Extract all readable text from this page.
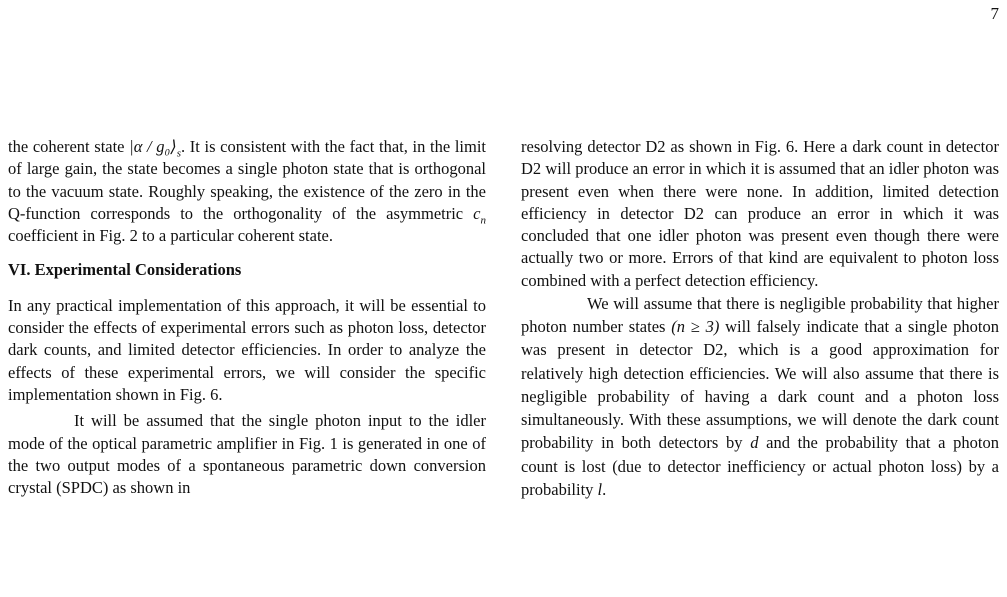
7

the coherent state $|\alpha / g_0⟩_s$. It is consistent with the fact that, in the limit of large gain, the state becomes a single photon state that is orthogonal to the vacuum state. Roughly speaking, the existence of the zero in the Q-function corresponds to the orthogonality of the asymmetric $c_n$ coefficient in Fig. 2 to a particular coherent state.

VI. Experimental Considerations

In any practical implementation of this approach, it will be essential to consider the effects of experimental errors such as photon loss, detector dark counts, and limited detector efficiencies. In order to analyze the effects of these experimental errors, we will consider the specific implementation shown in Fig. 6.

It will be assumed that the single photon input to the idler mode of the optical parametric amplifier in Fig. 1 is generated in one of the two output modes of a spontaneous parametric down conversion crystal (SPDC) as shown in

resolving detector D2 as shown in Fig. 6. Here a dark count in detector D2 will produce an error in which it is assumed that an idler photon was present even when there were none. In addition, limited detection efficiency in detector D2 can produce an error in which it was concluded that one idler photon was present even though there were actually two or more. Errors of that kind are equivalent to photon loss combined with a perfect detection efficiency.

We will assume that there is negligible probability that higher photon number states (n ≥ 3) will falsely indicate that a single photon was present in detector D2, which is a good approximation for relatively high detection efficiencies. We will also assume that there is negligible probability of having a dark count and a photon loss simultaneously. With these assumptions, we will denote the dark count probability in both detectors by d and the probability that a photon count is lost (due to detector inefficiency or actual photon loss) by a probability l.
